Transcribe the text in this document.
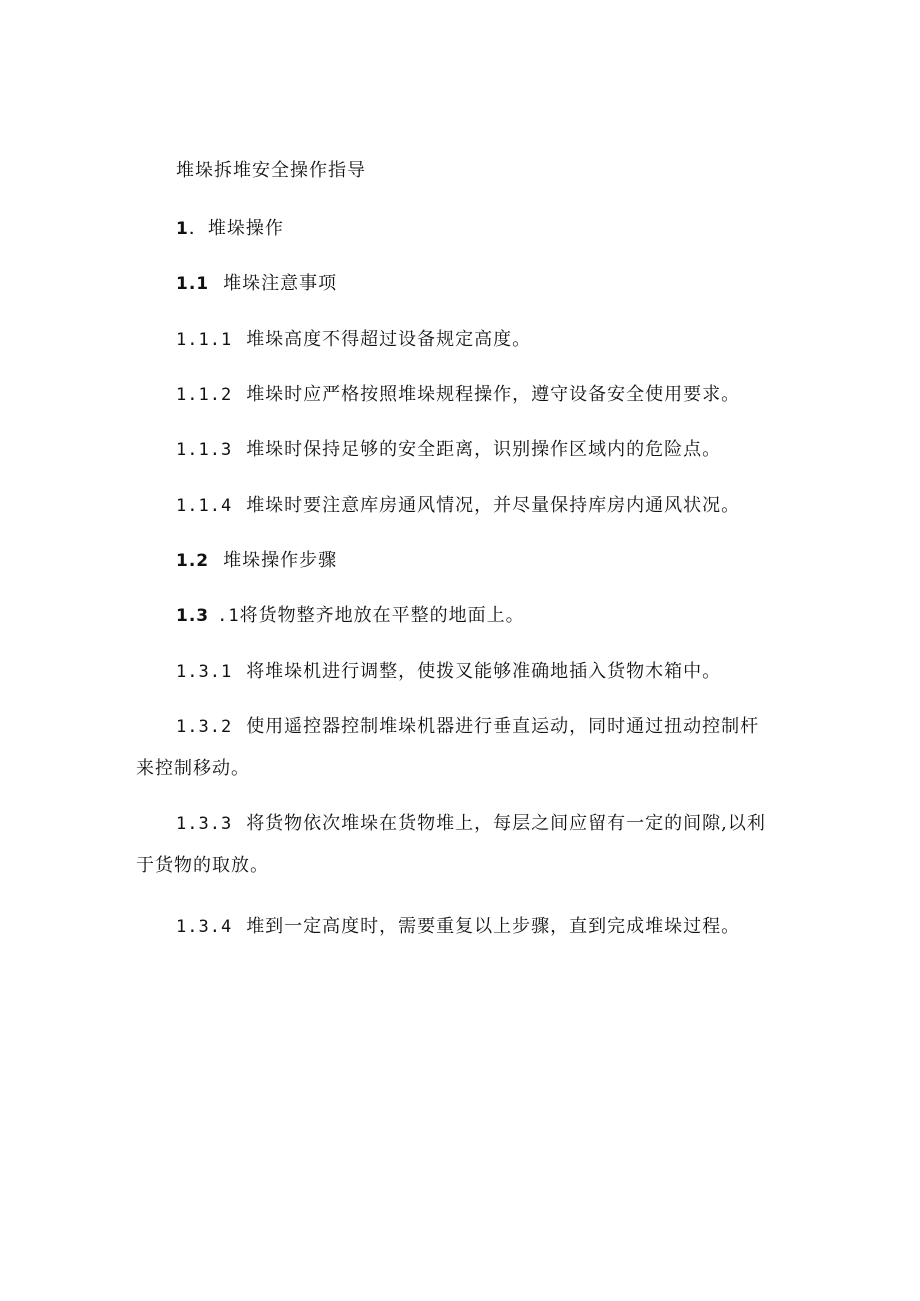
堆垛拆堆安全操作指导
1．堆垛操作
1.1 堆垛注意事项
1.1.1 堆垛高度不得超过设备规定高度。
1.1.2 堆垛时应严格按照堆垛规程操作，遵守设备安全使用要求。
1.1.3 堆垛时保持足够的安全距离，识别操作区域内的危险点。
1.1.4 堆垛时要注意库房通风情况，并尽量保持库房内通风状况。
1.2 堆垛操作步骤
1.3 .1将货物整齐地放在平整的地面上。
1.3.1 将堆垛机进行调整，使拨叉能够准确地插入货物木箱中。
1.3.2 使用遥控器控制堆垛机器进行垂直运动，同时通过扭动控制杆
来控制移动。
1.3.3 将货物依次堆垛在货物堆上，每层之间应留有一定的间隙,以利
于货物的取放。
1.3.4 堆到一定高度时，需要重复以上步骤，直到完成堆垛过程。
